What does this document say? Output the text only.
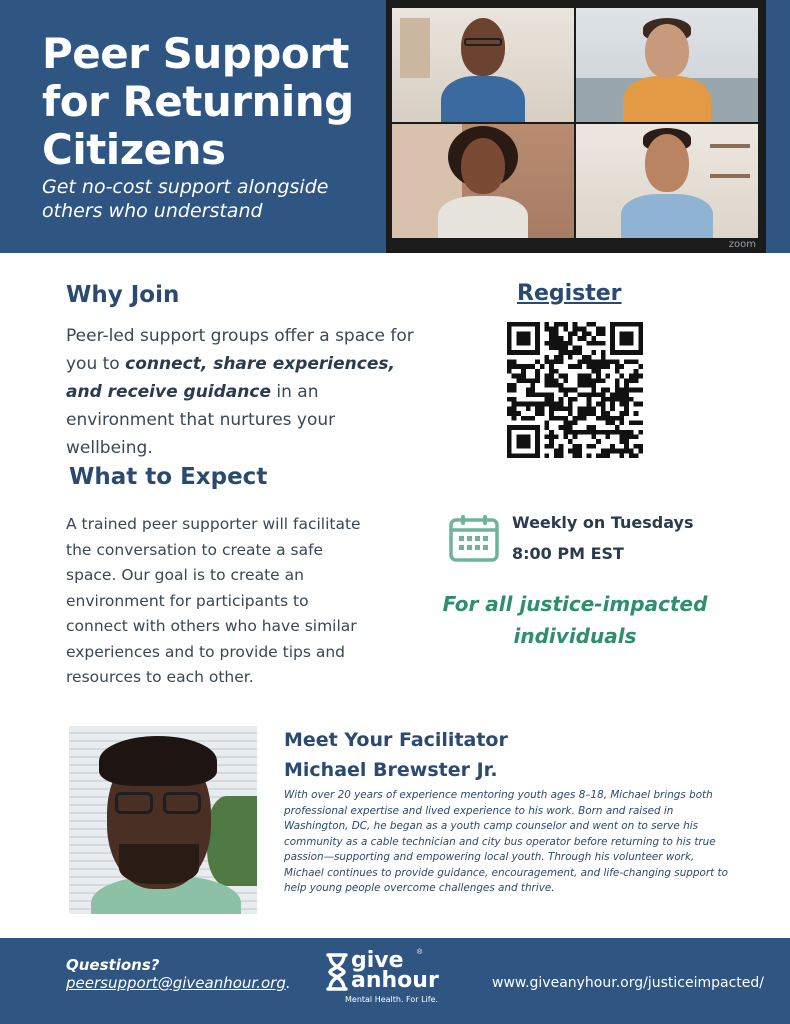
Peer Support for Returning Citizens
Get no-cost support alongside others who understand
zoom
Why Join
Peer-led support groups offer a space for you to connect, share experiences, and receive guidance in an environment that nurtures your wellbeing.
What to Expect
A trained peer supporter will facilitate the conversation to create a safe space. Our goal is to create an environment for participants to connect with others who have similar experiences and to provide tips and resources to each other.
Register
Weekly on Tuesdays
8:00 PM EST
For all justice-impacted individuals
Meet Your Facilitator
Michael Brewster Jr.
With over 20 years of experience mentoring youth ages 8–18, Michael brings both professional expertise and lived experience to his work. Born and raised in Washington, DC, he began as a youth camp counselor and went on to serve his community as a cable technician and city bus operator before returning to his true passion—supporting and empowering local youth. Through his volunteer work, Michael continues to provide guidance, encouragement, and life-changing support to help young people overcome challenges and thrive.
Questions?
peersupport@giveanhour.org.
give ®
anhour
Mental Health. For Life.
www.giveanyhour.org/justiceimpacted/
